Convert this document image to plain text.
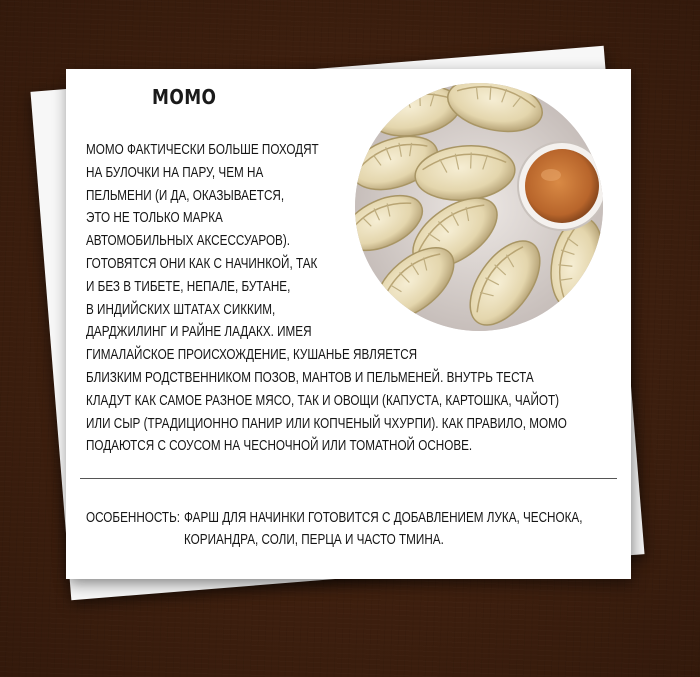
МОМО
МОМО ФАКТИЧЕСКИ БОЛЬШЕ ПОХОДЯТ
НА БУЛОЧКИ НА ПАРУ, ЧЕМ НА
ПЕЛЬМЕНИ (И ДА, ОКАЗЫВАЕТСЯ,
ЭТО НЕ ТОЛЬКО МАРКА
АВТОМОБИЛЬНЫХ АКСЕССУАРОВ).
ГОТОВЯТСЯ ОНИ КАК С НАЧИНКОЙ, ТАК
И БЕЗ В ТИБЕТЕ, НЕПАЛЕ, БУТАНЕ,
В ИНДИЙСКИХ ШТАТАХ СИККИМ,
ДАРДЖИЛИНГ И РАЙНЕ ЛАДАКХ. ИМЕЯ
ГИМАЛАЙСКОЕ ПРОИСХОЖДЕНИЕ, КУШАНЬЕ ЯВЛЯЕТСЯ
БЛИЗКИМ РОДСТВЕННИКОМ ПОЗОВ, МАНТОВ И ПЕЛЬМЕНЕЙ. ВНУТРЬ ТЕСТА
КЛАДУТ КАК САМОЕ РАЗНОЕ МЯСО, ТАК И ОВОЩИ (КАПУСТА, КАРТОШКА, ЧАЙОТ)
ИЛИ СЫР (ТРАДИЦИОННО ПАНИР ИЛИ КОПЧЕНЫЙ ЧХУРПИ). КАК ПРАВИЛО, МОМО
ПОДАЮТСЯ С СОУСОМ НА ЧЕСНОЧНОЙ ИЛИ ТОМАТНОЙ ОСНОВЕ.
ОСОБЕННОСТЬ: ФАРШ ДЛЯ НАЧИНКИ ГОТОВИТСЯ С ДОБАВЛЕНИЕМ ЛУКА, ЧЕСНОКА,
КОРИАНДРА, СОЛИ, ПЕРЦА И ЧАСТО ТМИНА.
